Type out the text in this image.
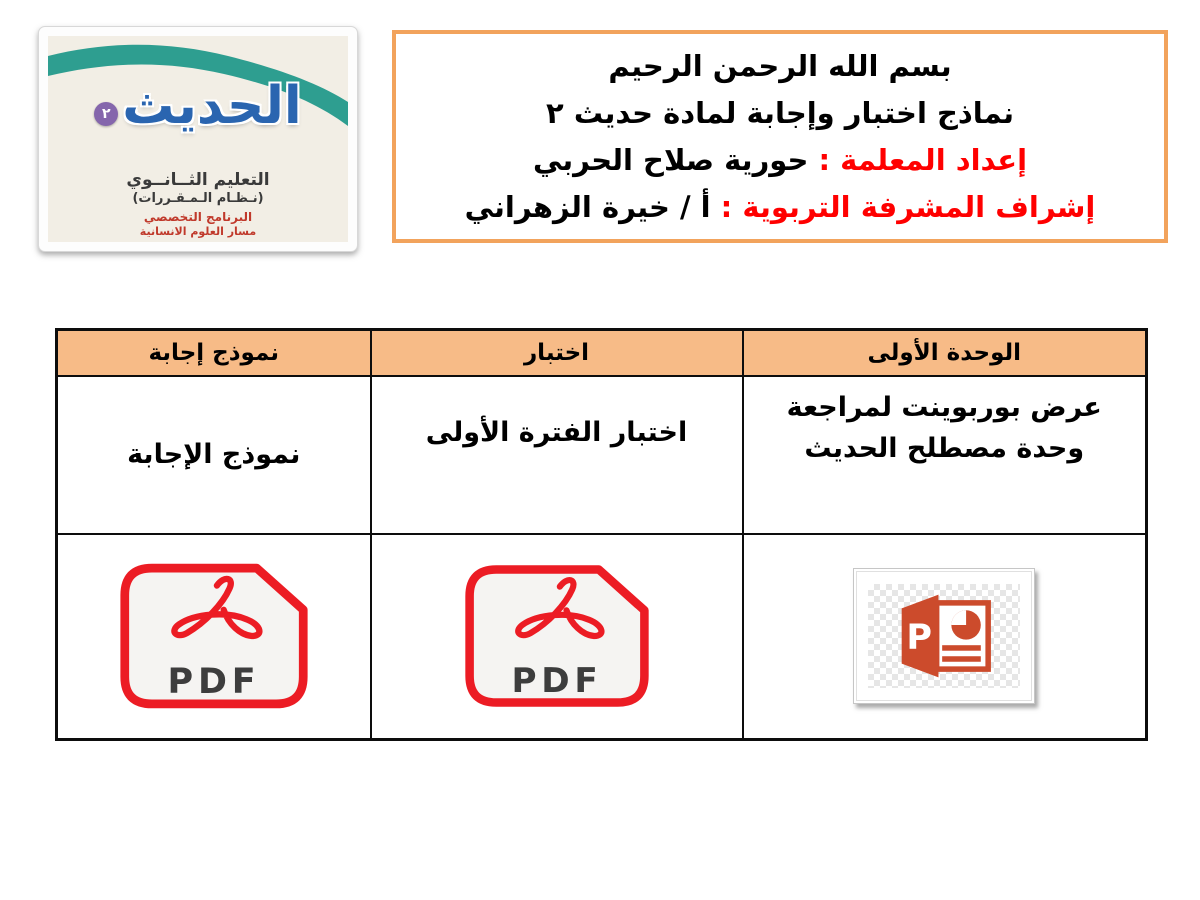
الحديث
٢
التعليم الثــانــوي
(نـظـام الـمـقـررات)
البرنامج التخصصي
مسار العلوم الانسانية
بسم الله الرحمن الرحيم
نماذج اختبار وإجابة لمادة حديث ٢
إعداد المعلمة : حورية صلاح الحربي
إشراف المشرفة التربوية : أ / خيرة الزهراني
الوحدة الأولى	اختبار	نموذج إجابة

عرض بوربوينت لمراجعة
وحدة مصطلح الحديث	اختبار الفترة الأولى	نموذج الإجابة

P	PDF	PDF
